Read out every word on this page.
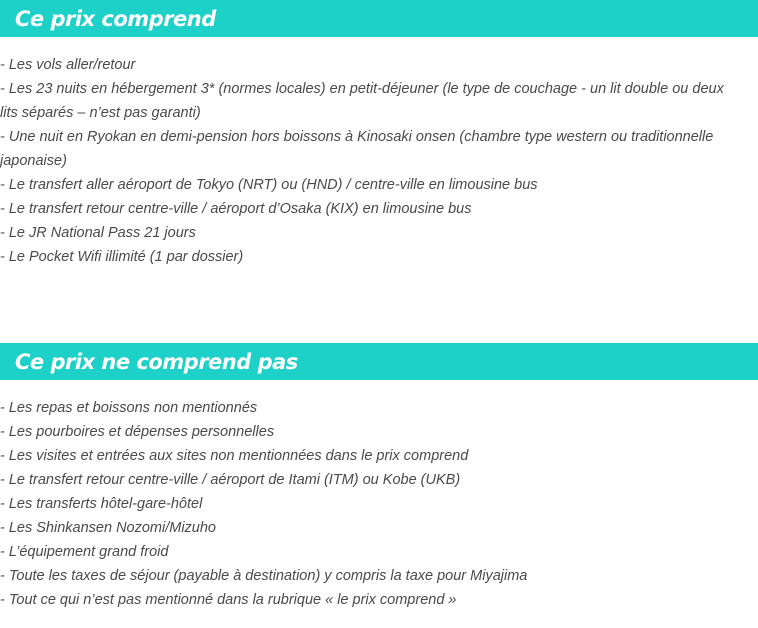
Ce prix comprend
- Les vols aller/retour
- Les 23 nuits en hébergement 3* (normes locales) en petit-déjeuner (le type de couchage - un lit double ou deux lits séparés – n’est pas garanti)
- Une nuit en Ryokan en demi-pension hors boissons à Kinosaki onsen (chambre type western ou traditionnelle japonaise)
- Le transfert aller aéroport de Tokyo (NRT) ou (HND) / centre-ville en limousine bus
- Le transfert retour centre-ville / aéroport d’Osaka (KIX) en limousine bus
- Le JR National Pass 21 jours
- Le Pocket Wifi illimité (1 par dossier)
Ce prix ne comprend pas
- Les repas et boissons non mentionnés
- Les pourboires et dépenses personnelles
- Les visites et entrées aux sites non mentionnées dans le prix comprend
- Le transfert retour centre-ville / aéroport de Itami (ITM) ou Kobe (UKB)
- Les transferts hôtel-gare-hôtel
- Les Shinkansen Nozomi/Mizuho
- L’équipement grand froid
- Toute les taxes de séjour (payable à destination) y compris la taxe pour Miyajima
- Tout ce qui n’est pas mentionné dans la rubrique « le prix comprend »
